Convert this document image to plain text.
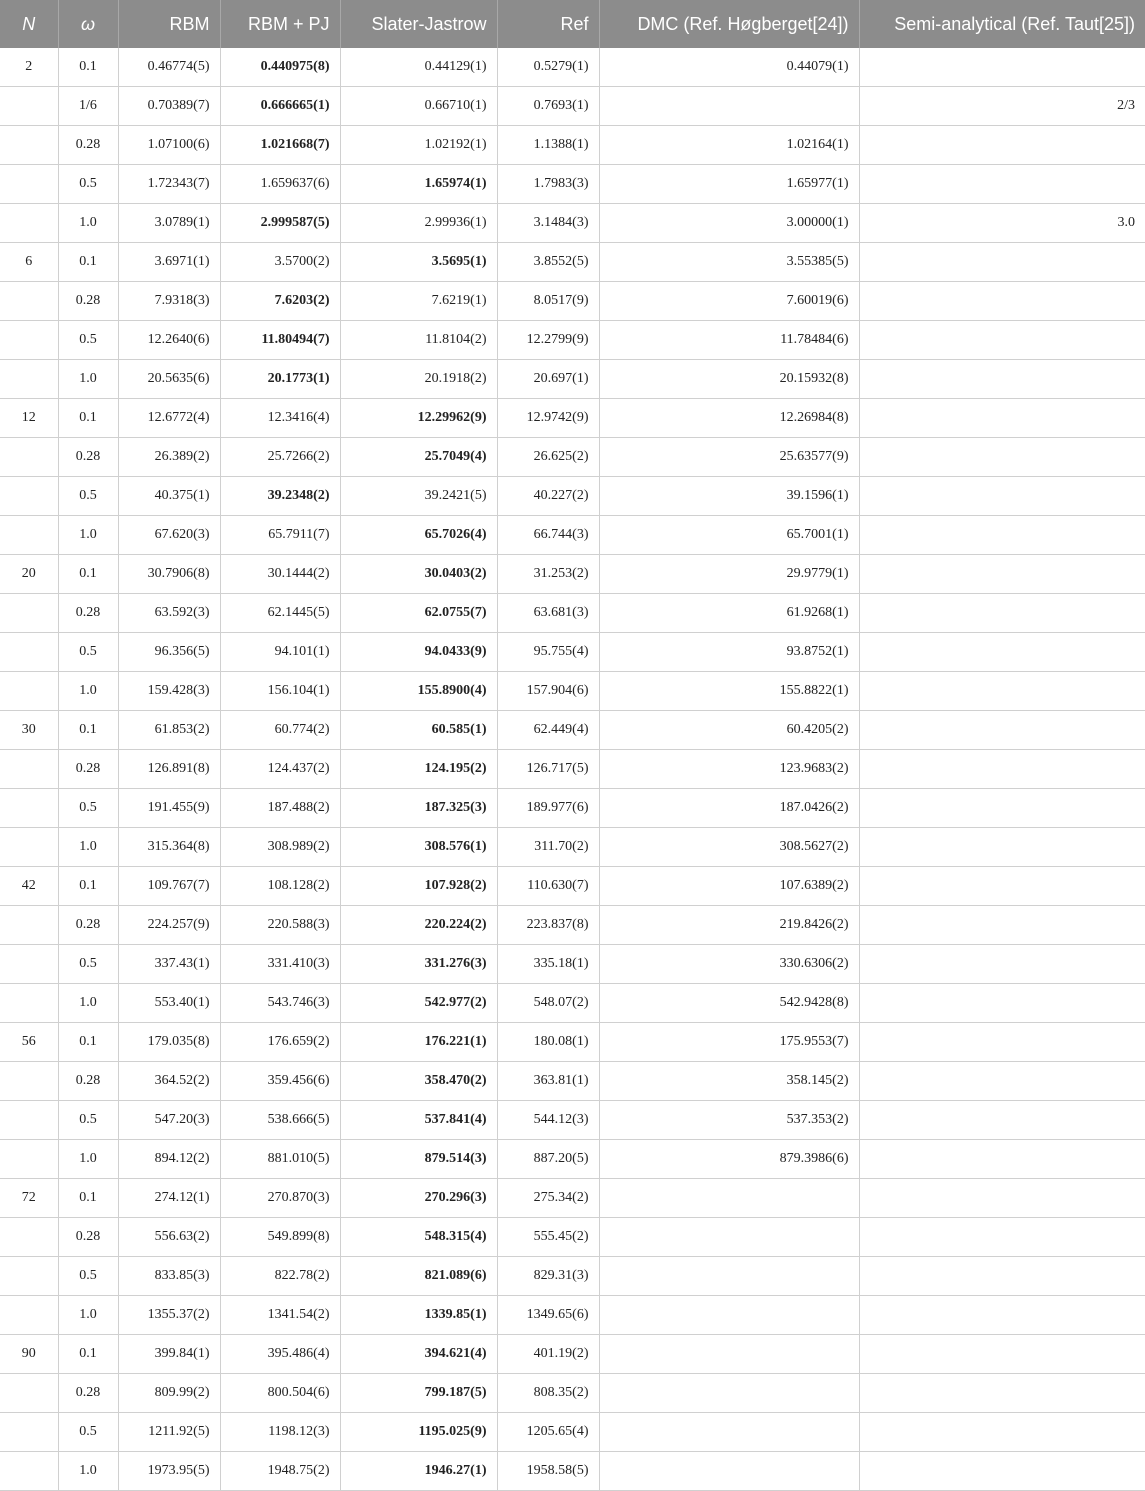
N	ω	RBM	RBM + PJ	Slater-Jastrow	Ref	DMC (Ref. Høgberget[24])	Semi-analytical (Ref. Taut[25])
2	0.1	0.46774(5)	0.440975(8)	0.44129(1)	0.5279(1)	0.44079(1)	
	1/6	0.70389(7)	0.666665(1)	0.66710(1)	0.7693(1)		2/3
	0.28	1.07100(6)	1.021668(7)	1.02192(1)	1.1388(1)	1.02164(1)	
	0.5	1.72343(7)	1.659637(6)	1.65974(1)	1.7983(3)	1.65977(1)	
	1.0	3.0789(1)	2.999587(5)	2.99936(1)	3.1484(3)	3.00000(1)	3.0
6	0.1	3.6971(1)	3.5700(2)	3.5695(1)	3.8552(5)	3.55385(5)	
	0.28	7.9318(3)	7.6203(2)	7.6219(1)	8.0517(9)	7.60019(6)	
	0.5	12.2640(6)	11.80494(7)	11.8104(2)	12.2799(9)	11.78484(6)	
	1.0	20.5635(6)	20.1773(1)	20.1918(2)	20.697(1)	20.15932(8)	
12	0.1	12.6772(4)	12.3416(4)	12.29962(9)	12.9742(9)	12.26984(8)	
	0.28	26.389(2)	25.7266(2)	25.7049(4)	26.625(2)	25.63577(9)	
	0.5	40.375(1)	39.2348(2)	39.2421(5)	40.227(2)	39.1596(1)	
	1.0	67.620(3)	65.7911(7)	65.7026(4)	66.744(3)	65.7001(1)	
20	0.1	30.7906(8)	30.1444(2)	30.0403(2)	31.253(2)	29.9779(1)	
	0.28	63.592(3)	62.1445(5)	62.0755(7)	63.681(3)	61.9268(1)	
	0.5	96.356(5)	94.101(1)	94.0433(9)	95.755(4)	93.8752(1)	
	1.0	159.428(3)	156.104(1)	155.8900(4)	157.904(6)	155.8822(1)	
30	0.1	61.853(2)	60.774(2)	60.585(1)	62.449(4)	60.4205(2)	
	0.28	126.891(8)	124.437(2)	124.195(2)	126.717(5)	123.9683(2)	
	0.5	191.455(9)	187.488(2)	187.325(3)	189.977(6)	187.0426(2)	
	1.0	315.364(8)	308.989(2)	308.576(1)	311.70(2)	308.5627(2)	
42	0.1	109.767(7)	108.128(2)	107.928(2)	110.630(7)	107.6389(2)	
	0.28	224.257(9)	220.588(3)	220.224(2)	223.837(8)	219.8426(2)	
	0.5	337.43(1)	331.410(3)	331.276(3)	335.18(1)	330.6306(2)	
	1.0	553.40(1)	543.746(3)	542.977(2)	548.07(2)	542.9428(8)	
56	0.1	179.035(8)	176.659(2)	176.221(1)	180.08(1)	175.9553(7)	
	0.28	364.52(2)	359.456(6)	358.470(2)	363.81(1)	358.145(2)	
	0.5	547.20(3)	538.666(5)	537.841(4)	544.12(3)	537.353(2)	
	1.0	894.12(2)	881.010(5)	879.514(3)	887.20(5)	879.3986(6)	
72	0.1	274.12(1)	270.870(3)	270.296(3)	275.34(2)		
	0.28	556.63(2)	549.899(8)	548.315(4)	555.45(2)		
	0.5	833.85(3)	822.78(2)	821.089(6)	829.31(3)		
	1.0	1355.37(2)	1341.54(2)	1339.85(1)	1349.65(6)		
90	0.1	399.84(1)	395.486(4)	394.621(4)	401.19(2)		
	0.28	809.99(2)	800.504(6)	799.187(5)	808.35(2)		
	0.5	1211.92(5)	1198.12(3)	1195.025(9)	1205.65(4)		
	1.0	1973.95(5)	1948.75(2)	1946.27(1)	1958.58(5)		
